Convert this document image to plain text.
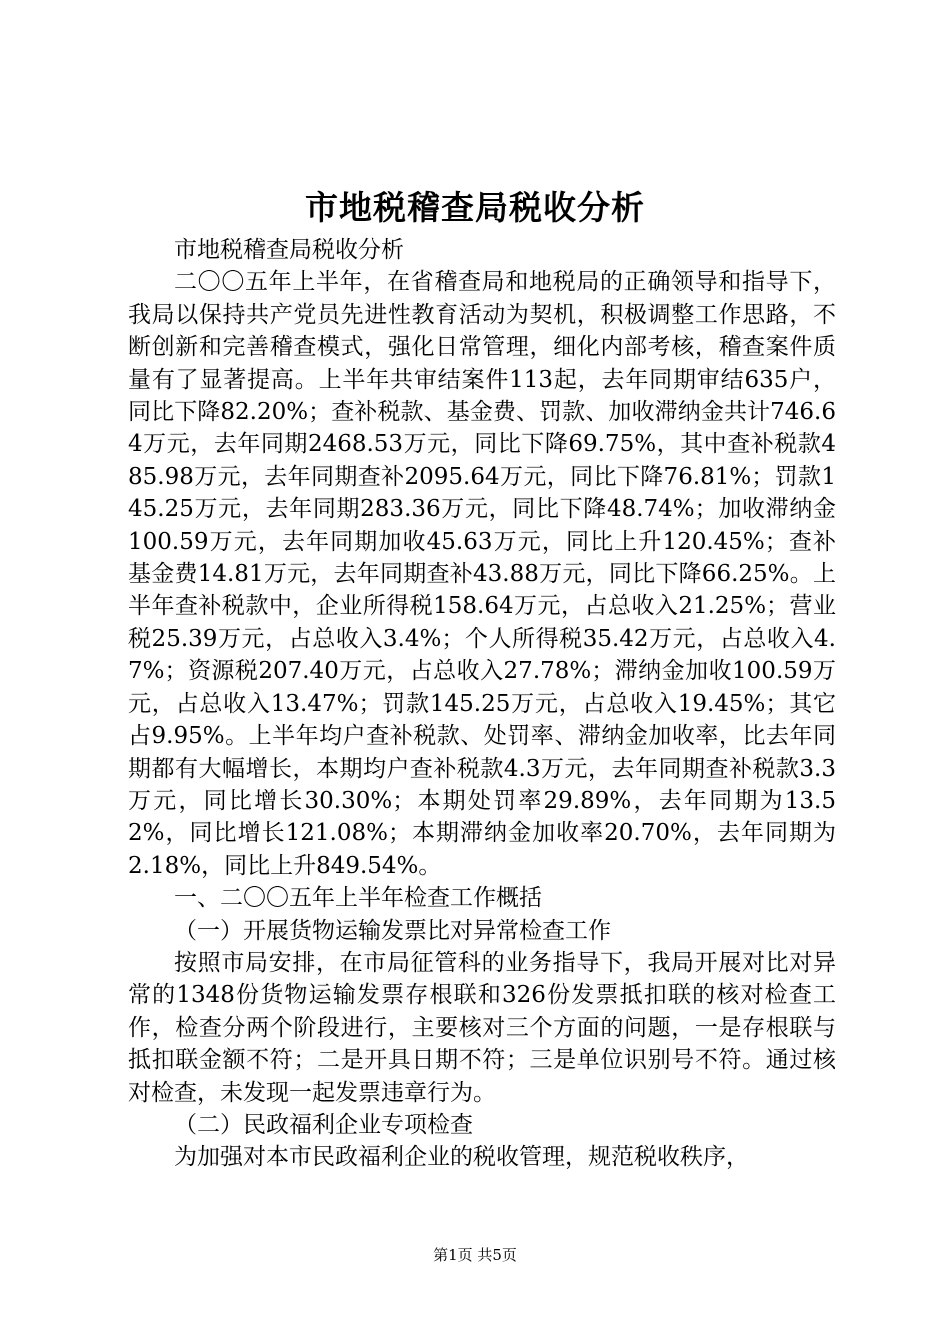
市地税稽查局税收分析

市地税稽查局税收分析

二〇〇五年上半年，在省稽查局和地税局的正确领导和指导下，我局以保持共产党员先进性教育活动为契机，积极调整工作思路，不断创新和完善稽查模式，强化日常管理，细化内部考核，稽查案件质量有了显著提高。上半年共审结案件113起，去年同期审结635户，同比下降82.20%；查补税款、基金费、罚款、加收滞纳金共计746.64万元，去年同期2468.53万元，同比下降69.75%，其中查补税款485.98万元，去年同期查补2095.64万元，同比下降76.81%；罚款145.25万元，去年同期283.36万元，同比下降48.74%；加收滞纳金100.59万元，去年同期加收45.63万元，同比上升120.45%；查补基金费14.81万元，去年同期查补43.88万元，同比下降66.25%。上半年查补税款中，企业所得税158.64万元，占总收入21.25%；营业税25.39万元，占总收入3.4%；个人所得税35.42万元，占总收入4.7%；资源税207.40万元，占总收入27.78%；滞纳金加收100.59万元，占总收入13.47%；罚款145.25万元，占总收入19.45%；其它占9.95%。上半年均户查补税款、处罚率、滞纳金加收率，比去年同期都有大幅增长，本期均户查补税款4.3万元，去年同期查补税款3.3万元，同比增长30.30%；本期处罚率29.89%，去年同期为13.52%，同比增长121.08%；本期滞纳金加收率20.70%，去年同期为2.18%，同比上升849.54%。

一、二〇〇五年上半年检查工作概括

（一）开展货物运输发票比对异常检查工作

按照市局安排，在市局征管科的业务指导下，我局开展对比对异常的1348份货物运输发票存根联和326份发票抵扣联的核对检查工作，检查分两个阶段进行，主要核对三个方面的问题，一是存根联与抵扣联金额不符；二是开具日期不符；三是单位识别号不符。通过核对检查，未发现一起发票违章行为。

（二）民政福利企业专项检查

为加强对本市民政福利企业的税收管理，规范税收秩序，

第1页 共5页
